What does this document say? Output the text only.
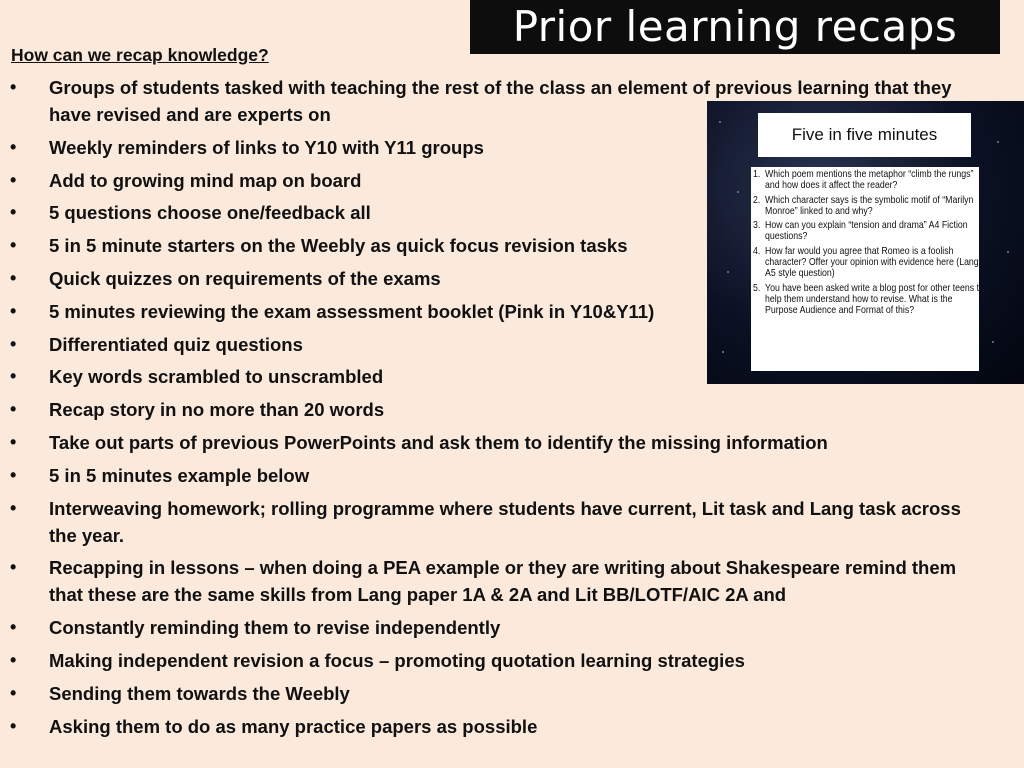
Prior learning recaps
How can we recap knowledge?
• Groups of students tasked with teaching the rest of the class an element of previous learning that they have revised and are experts on
• Weekly reminders of links to Y10 with Y11 groups
• Add to growing mind map on board
• 5 questions choose one/feedback all
• 5 in 5 minute starters on the Weebly as quick focus revision tasks
• Quick quizzes on requirements of the exams
• 5 minutes reviewing the exam assessment booklet (Pink in Y10&Y11)
• Differentiated quiz questions
• Key words scrambled to unscrambled
• Recap story in no more than 20 words
• Take out parts of previous PowerPoints and ask them to identify the missing information
• 5 in 5 minutes example below
• Interweaving homework; rolling programme where students have current, Lit task and Lang task across the year.
• Recapping in lessons – when doing a PEA example or they are writing about Shakespeare remind them that these are the same skills from Lang paper 1A & 2A and Lit BB/LOTF/AIC 2A and
• Constantly reminding them to revise independently
• Making independent revision a focus – promoting quotation learning strategies
• Sending them towards the Weebly
• Asking them to do as many practice papers as possible
Five in five minutes
1. Which poem mentions the metaphor “climb the rungs” and how does it affect the reader?
2. Which character says is the symbolic motif of “Marilyn Monroe” linked to and why?
3. How can you explain “tension and drama” A4 Fiction questions?
4. How far would you agree that Romeo is a foolish character? Offer your opinion with evidence here (Lang A5 style question)
5. You have been asked write a blog post for other teens to help them understand how to revise. What is the Purpose Audience and Format of this?
